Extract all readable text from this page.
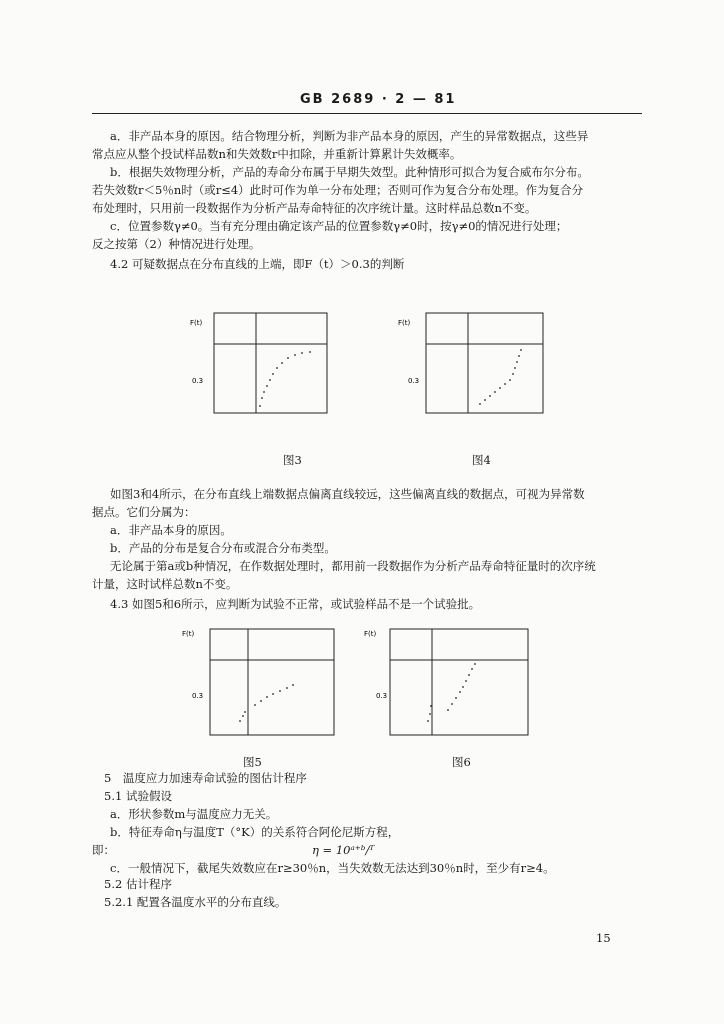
GB 2689 · 2 — 81
a．非产品本身的原因。结合物理分析，判断为非产品本身的原因，产生的异常数据点，这些异
常点应从整个投试样品数n和失效数r中扣除，并重新计算累计失效概率。
b．根据失效物理分析，产品的寿命分布属于早期失效型。此种情形可拟合为复合威布尔分布。
若失效数r＜5％n时（或r≤4）此时可作为单一分布处理；否则可作为复合分布处理。作为复合分
布处理时，只用前一段数据作为分析产品寿命特征的次序统计量。这时样品总数n不变。
c．位置参数γ≠0。当有充分理由确定该产品的位置参数γ≠0时，按γ≠0的情况进行处理；
反之按第（2）种情况进行处理。
4.2 可疑数据点在分布直线的上端，即F（t）＞0.3的判断
F(t)
0.3
图3
F(t)
0.3
图4
如图3和4所示，在分布直线上端数据点偏离直线较远，这些偏离直线的数据点，可视为异常数
据点。它们分属为：
a．非产品本身的原因。
b．产品的分布是复合分布或混合分布类型。
无论属于第a或b种情况，在作数据处理时，都用前一段数据作为分析产品寿命特征量时的次序统
计量，这时试样总数n不变。
4.3 如图5和6所示，应判断为试验不正常，或试验样品不是一个试验批。
F(t)
0.3
图5
F(t)
0.3
图6
5　温度应力加速寿命试验的图估计程序
5.1 试验假设
a．形状参数m与温度应力无关。
b．特征寿命η与温度T（°K）的关系符合阿伦尼斯方程，
即：	η = 10ᵃ⁺ᵇ/ᵀ
c．一般情况下，截尾失效数应在r≥30％n，当失效数无法达到30％n时，至少有r≥4。
5.2 估计程序
5.2.1 配置各温度水平的分布直线。
15
